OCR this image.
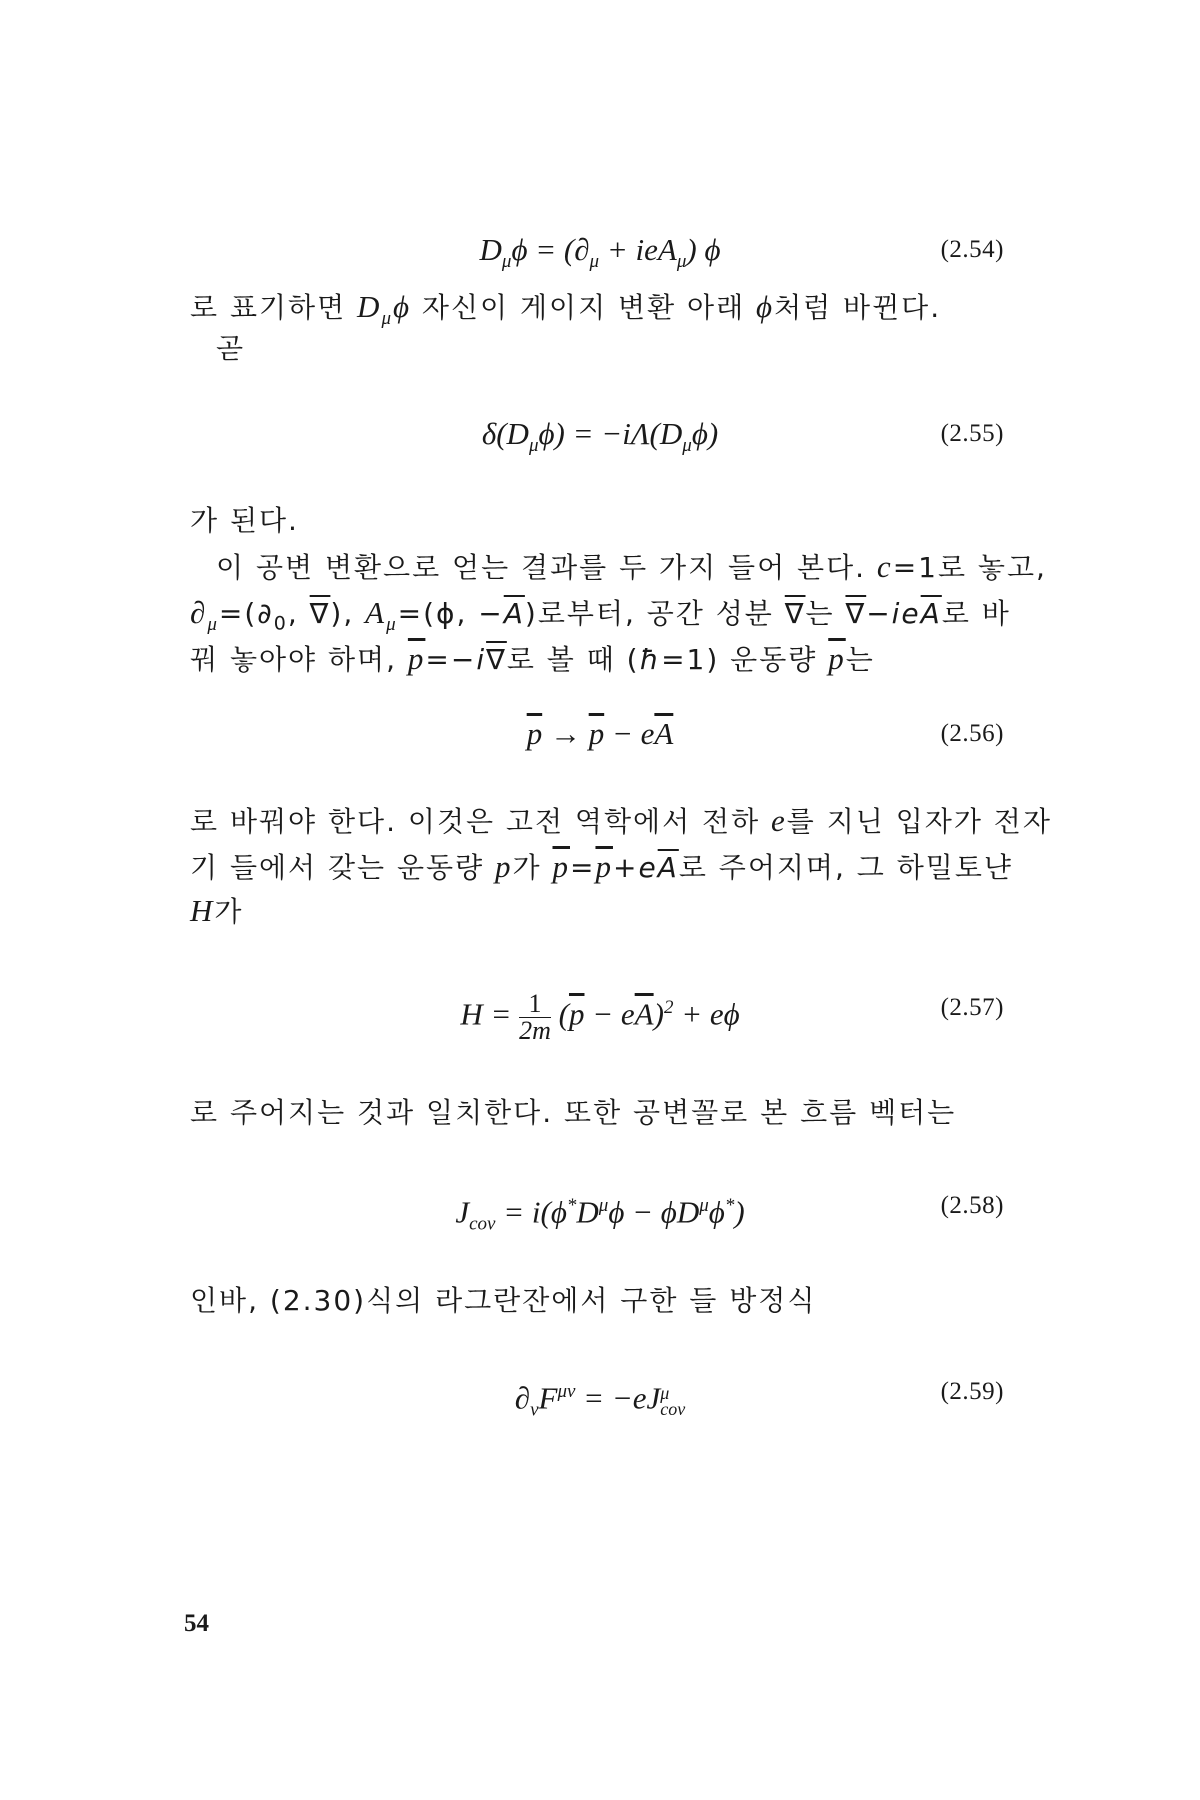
$D_\mu\phi = (\partial_\mu + ieA_\mu)$ ϕ	(2.54)
로 표기하면 $D_\mu\phi$ 자신이 게이지 변환 아래 ϕ처럼 바뀐다.
곧
$\delta(D_\mu\phi) = -i\Lambda(D_\mu\phi)$	(2.55)
가 된다.
이 공변 변환으로 얻는 결과를 두 가지 들어 본다. c=1로 놓고,
$\partial_\mu=(\partial_0$, ∇), $A_\mu=(\phi$, $-\overline{A}$)로부터, 공간 성분 ∇는 $\nabla-ie\overline{A}$로 바
꿔 놓아야 하며, $\overline{p}=-i\nabla$로 볼 때 (ħ=1) 운동량 $\overline{p}$는
$\overline{p} \to \overline{p} - e\overline{A}$	(2.56)
로 바꿔야 한다. 이것은 고전 역학에서 전하 e를 지닌 입자가 전자
기 들에서 갖는 운동량 p가 $\overline{p}=\overline{p}+e\overline{A}$로 주어지며, 그 하밀토냔
H가
$H = \frac{1}{2m} (\overline{p} - e\overline{A})^2 + e\phi$	(2.57)
로 주어지는 것과 일치한다. 또한 공변꼴로 본 흐름 벡터는
$J_{cov} = i(\phi^*D^\mu\phi - \phi D^\mu\phi^*)$	(2.58)
인바, (2.30)식의 라그란잔에서 구한 들 방정식
$\partial_\nu F^{\mu\nu} = -eJ$ μ
cov
(2.59)
54
